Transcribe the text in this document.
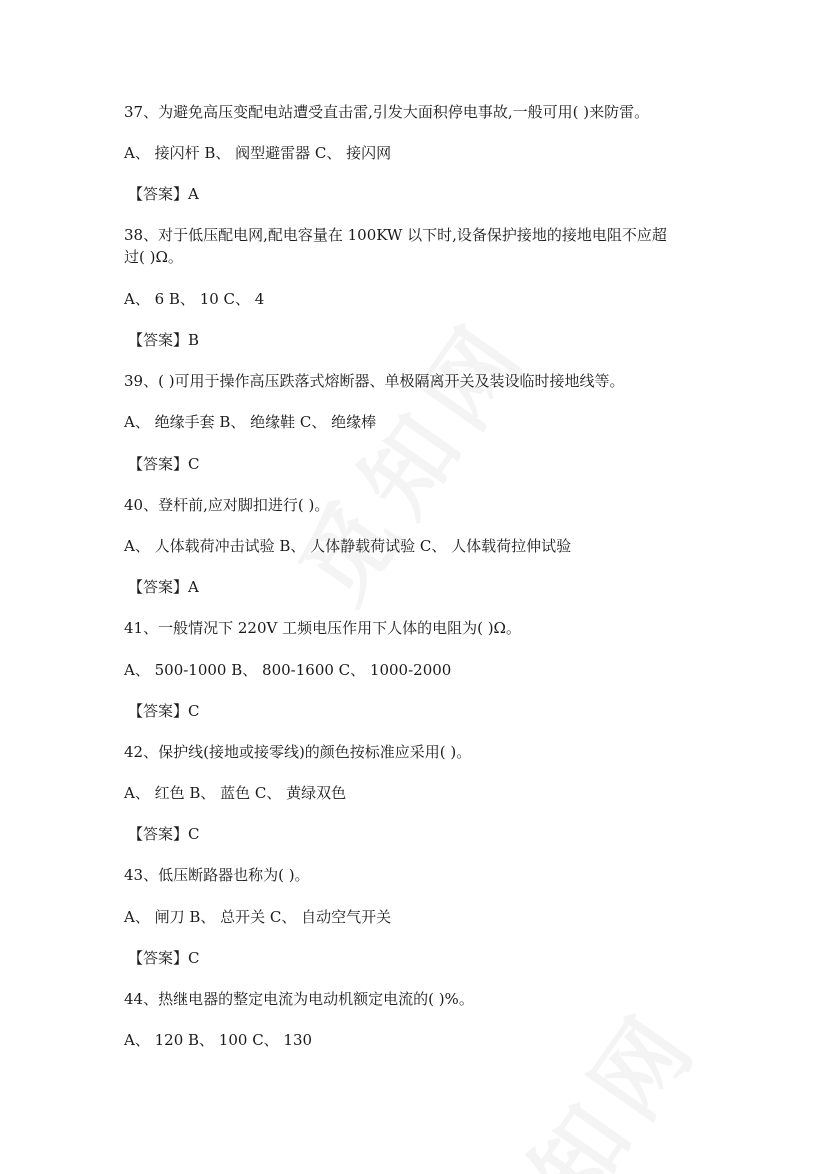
37、为避免高压变配电站遭受直击雷,引发大面积停电事故,一般可用( )来防雷。
A、 接闪杆 B、 阀型避雷器 C、 接闪网
【答案】A
38、对于低压配电网,配电容量在 100KW 以下时,设备保护接地的接地电阻不应超
过( )Ω。
A、 6 B、 10 C、 4
【答案】B
39、( )可用于操作高压跌落式熔断器、单极隔离开关及装设临时接地线等。
A、 绝缘手套 B、 绝缘鞋 C、 绝缘棒
【答案】C
40、登杆前,应对脚扣进行( )。
A、 人体载荷冲击试验 B、 人体静载荷试验 C、 人体载荷拉伸试验
【答案】A
41、一般情况下 220V 工频电压作用下人体的电阻为( )Ω。
A、 500-1000 B、 800-1600 C、 1000-2000
【答案】C
42、保护线(接地或接零线)的颜色按标准应采用( )。
A、 红色 B、 蓝色 C、 黄绿双色
【答案】C
43、低压断路器也称为( )。
A、 闸刀 B、 总开关 C、 自动空气开关
【答案】C
44、热继电器的整定电流为电动机额定电流的( )%。
A、 120 B、 100 C、 130
